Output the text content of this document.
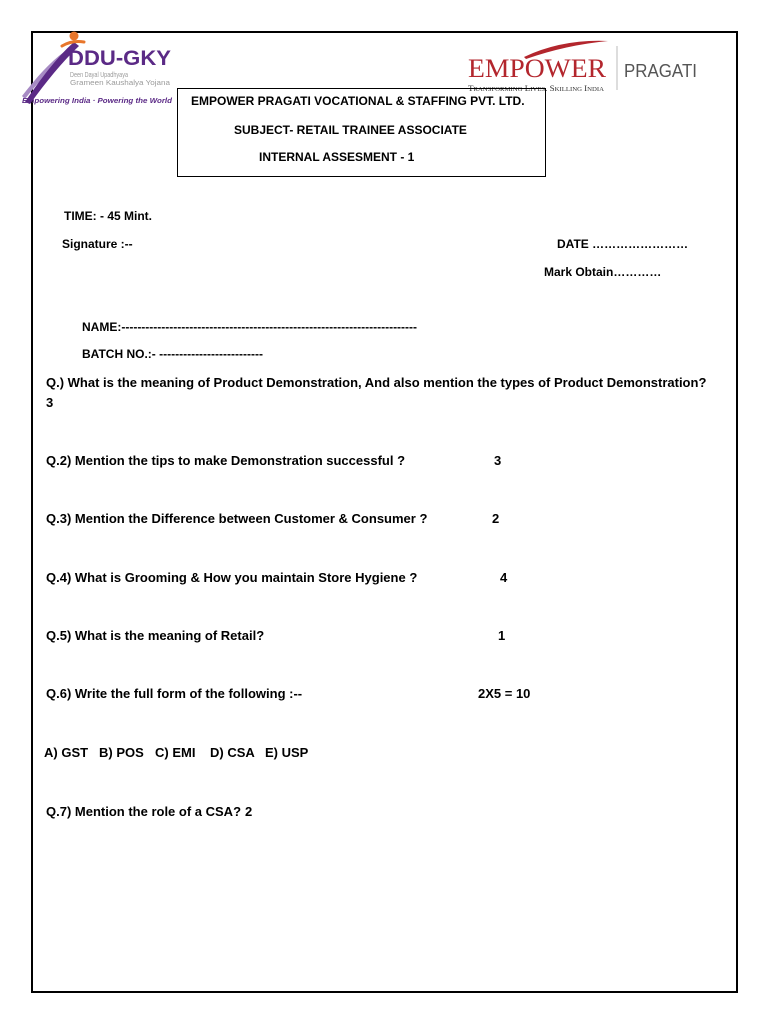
DDU-GKY
Deen Dayal Upadhyaya
Grameen Kaushalya Yojana
Empowering India · Powering the World
EMPOWER
Transforming Lives. Skilling India
PRAGATI
EMPOWER PRAGATI VOCATIONAL & STAFFING PVT. LTD.
SUBJECT- RETAIL TRAINEE ASSOCIATE
INTERNAL ASSESMENT - 1
TIME: - 45 Mint.
Signature :--	DATE ……………………
Mark Obtain…………
NAME:--------------------------------------------------------------------------
BATCH NO.:- --------------------------
Q.) What is the meaning of Product Demonstration, And also mention the types of Product Demonstration?
3
Q.2) Mention the tips to make Demonstration successful ?	3
Q.3) Mention the Difference between Customer & Consumer ?	2
Q.4) What is Grooming & How you maintain Store Hygiene ?	4
Q.5) What is the meaning of Retail?	1
Q.6) Write the full form of the following :--	2X5 = 10
A) GST B) POS C) EMI D) CSA E) USP
Q.7) Mention the role of a CSA? 2
